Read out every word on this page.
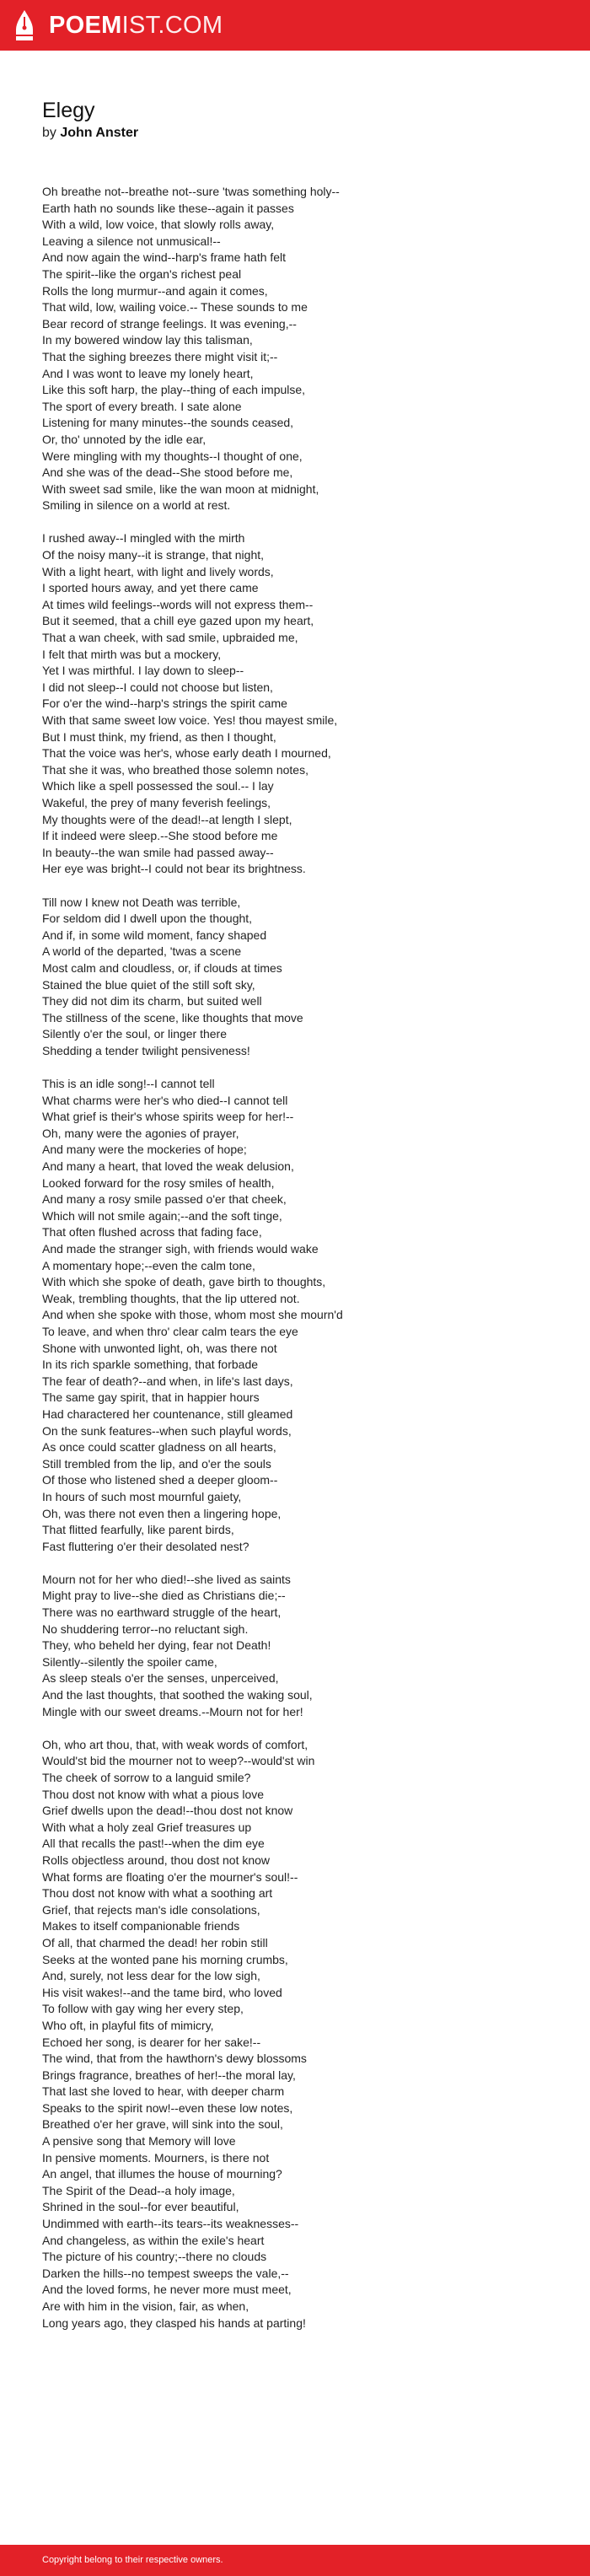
POEMIST.COM
Elegy
by John Anster
Oh breathe not--breathe not--sure 'twas something holy--
Earth hath no sounds like these--again it passes
With a wild, low voice, that slowly rolls away,
Leaving a silence not unmusical!--
And now again the wind--harp's frame hath felt
The spirit--like the organ's richest peal
Rolls the long murmur--and again it comes,
That wild, low, wailing voice.-- These sounds to me
Bear record of strange feelings. It was evening,--
In my bowered window lay this talisman,
That the sighing breezes there might visit it;--
And I was wont to leave my lonely heart,
Like this soft harp, the play--thing of each impulse,
The sport of every breath. I sate alone
Listening for many minutes--the sounds ceased,
Or, tho' unnoted by the idle ear,
Were mingling with my thoughts--I thought of one,
And she was of the dead--She stood before me,
With sweet sad smile, like the wan moon at midnight,
Smiling in silence on a world at rest.
I rushed away--I mingled with the mirth
Of the noisy many--it is strange, that night,
With a light heart, with light and lively words,
I sported hours away, and yet there came
At times wild feelings--words will not express them--
But it seemed, that a chill eye gazed upon my heart,
That a wan cheek, with sad smile, upbraided me,
I felt that mirth was but a mockery,
Yet I was mirthful. I lay down to sleep--
I did not sleep--I could not choose but listen,
For o'er the wind--harp's strings the spirit came
With that same sweet low voice. Yes! thou mayest smile,
But I must think, my friend, as then I thought,
That the voice was her's, whose early death I mourned,
That she it was, who breathed those solemn notes,
Which like a spell possessed the soul.-- I lay
Wakeful, the prey of many feverish feelings,
My thoughts were of the dead!--at length I slept,
If it indeed were sleep.--She stood before me
In beauty--the wan smile had passed away--
Her eye was bright--I could not bear its brightness.
Till now I knew not Death was terrible,
For seldom did I dwell upon the thought,
And if, in some wild moment, fancy shaped
A world of the departed, 'twas a scene
Most calm and cloudless, or, if clouds at times
Stained the blue quiet of the still soft sky,
They did not dim its charm, but suited well
The stillness of the scene, like thoughts that move
Silently o'er the soul, or linger there
Shedding a tender twilight pensiveness!
This is an idle song!--I cannot tell
What charms were her's who died--I cannot tell
What grief is their's whose spirits weep for her!--
Oh, many were the agonies of prayer,
And many were the mockeries of hope;
And many a heart, that loved the weak delusion,
Looked forward for the rosy smiles of health,
And many a rosy smile passed o'er that cheek,
Which will not smile again;--and the soft tinge,
That often flushed across that fading face,
And made the stranger sigh, with friends would wake
A momentary hope;--even the calm tone,
With which she spoke of death, gave birth to thoughts,
Weak, trembling thoughts, that the lip uttered not.
And when she spoke with those, whom most she mourn'd
To leave, and when thro' clear calm tears the eye
Shone with unwonted light, oh, was there not
In its rich sparkle something, that forbade
The fear of death?--and when, in life's last days,
The same gay spirit, that in happier hours
Had charactered her countenance, still gleamed
On the sunk features--when such playful words,
As once could scatter gladness on all hearts,
Still trembled from the lip, and o'er the souls
Of those who listened shed a deeper gloom--
In hours of such most mournful gaiety,
Oh, was there not even then a lingering hope,
That flitted fearfully, like parent birds,
Fast fluttering o'er their desolated nest?
Mourn not for her who died!--she lived as saints
Might pray to live--she died as Christians die;--
There was no earthward struggle of the heart,
No shuddering terror--no reluctant sigh.
They, who beheld her dying, fear not Death!
Silently--silently the spoiler came,
As sleep steals o'er the senses, unperceived,
And the last thoughts, that soothed the waking soul,
Mingle with our sweet dreams.--Mourn not for her!
Oh, who art thou, that, with weak words of comfort,
Would'st bid the mourner not to weep?--would'st win
The cheek of sorrow to a languid smile?
Thou dost not know with what a pious love
Grief dwells upon the dead!--thou dost not know
With what a holy zeal Grief treasures up
All that recalls the past!--when the dim eye
Rolls objectless around, thou dost not know
What forms are floating o'er the mourner's soul!--
Thou dost not know with what a soothing art
Grief, that rejects man's idle consolations,
Makes to itself companionable friends
Of all, that charmed the dead! her robin still
Seeks at the wonted pane his morning crumbs,
And, surely, not less dear for the low sigh,
His visit wakes!--and the tame bird, who loved
To follow with gay wing her every step,
Who oft, in playful fits of mimicry,
Echoed her song, is dearer for her sake!--
The wind, that from the hawthorn's dewy blossoms
Brings fragrance, breathes of her!--the moral lay,
That last she loved to hear, with deeper charm
Speaks to the spirit now!--even these low notes,
Breathed o'er her grave, will sink into the soul,
A pensive song that Memory will love
In pensive moments. Mourners, is there not
An angel, that illumes the house of mourning?
The Spirit of the Dead--a holy image,
Shrined in the soul--for ever beautiful,
Undimmed with earth--its tears--its weaknesses--
And changeless, as within the exile's heart
The picture of his country;--there no clouds
Darken the hills--no tempest sweeps the vale,--
And the loved forms, he never more must meet,
Are with him in the vision, fair, as when,
Long years ago, they clasped his hands at parting!
Copyright belong to their respective owners.
